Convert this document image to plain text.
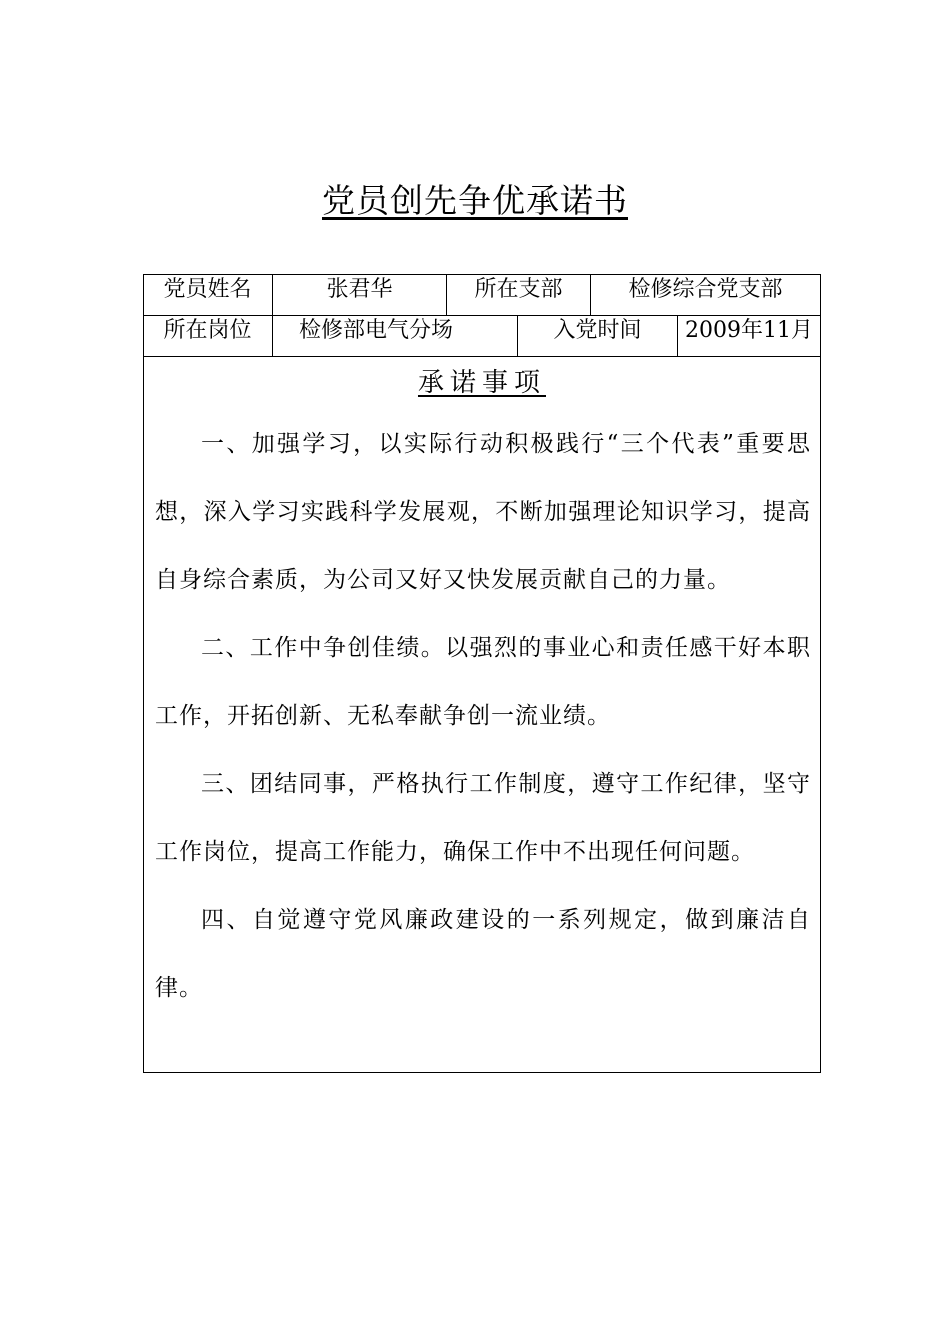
党员创先争优承诺书
党员姓名	张君华	所在支部	检修综合党支部
所在岗位	检修部电气分场	入党时间	2009年11月
承诺事项

一、加强学习，以实际行动积极践行“三个代表”重要思想，深入学习实践科学发展观，不断加强理论知识学习，提高自身综合素质，为公司又好又快发展贡献自己的力量。

二、工作中争创佳绩。以强烈的事业心和责任感干好本职工作，开拓创新、无私奉献争创一流业绩。

三、团结同事，严格执行工作制度，遵守工作纪律，坚守工作岗位，提高工作能力，确保工作中不出现任何问题。

四、自觉遵守党风廉政建设的一系列规定，做到廉洁自律。
